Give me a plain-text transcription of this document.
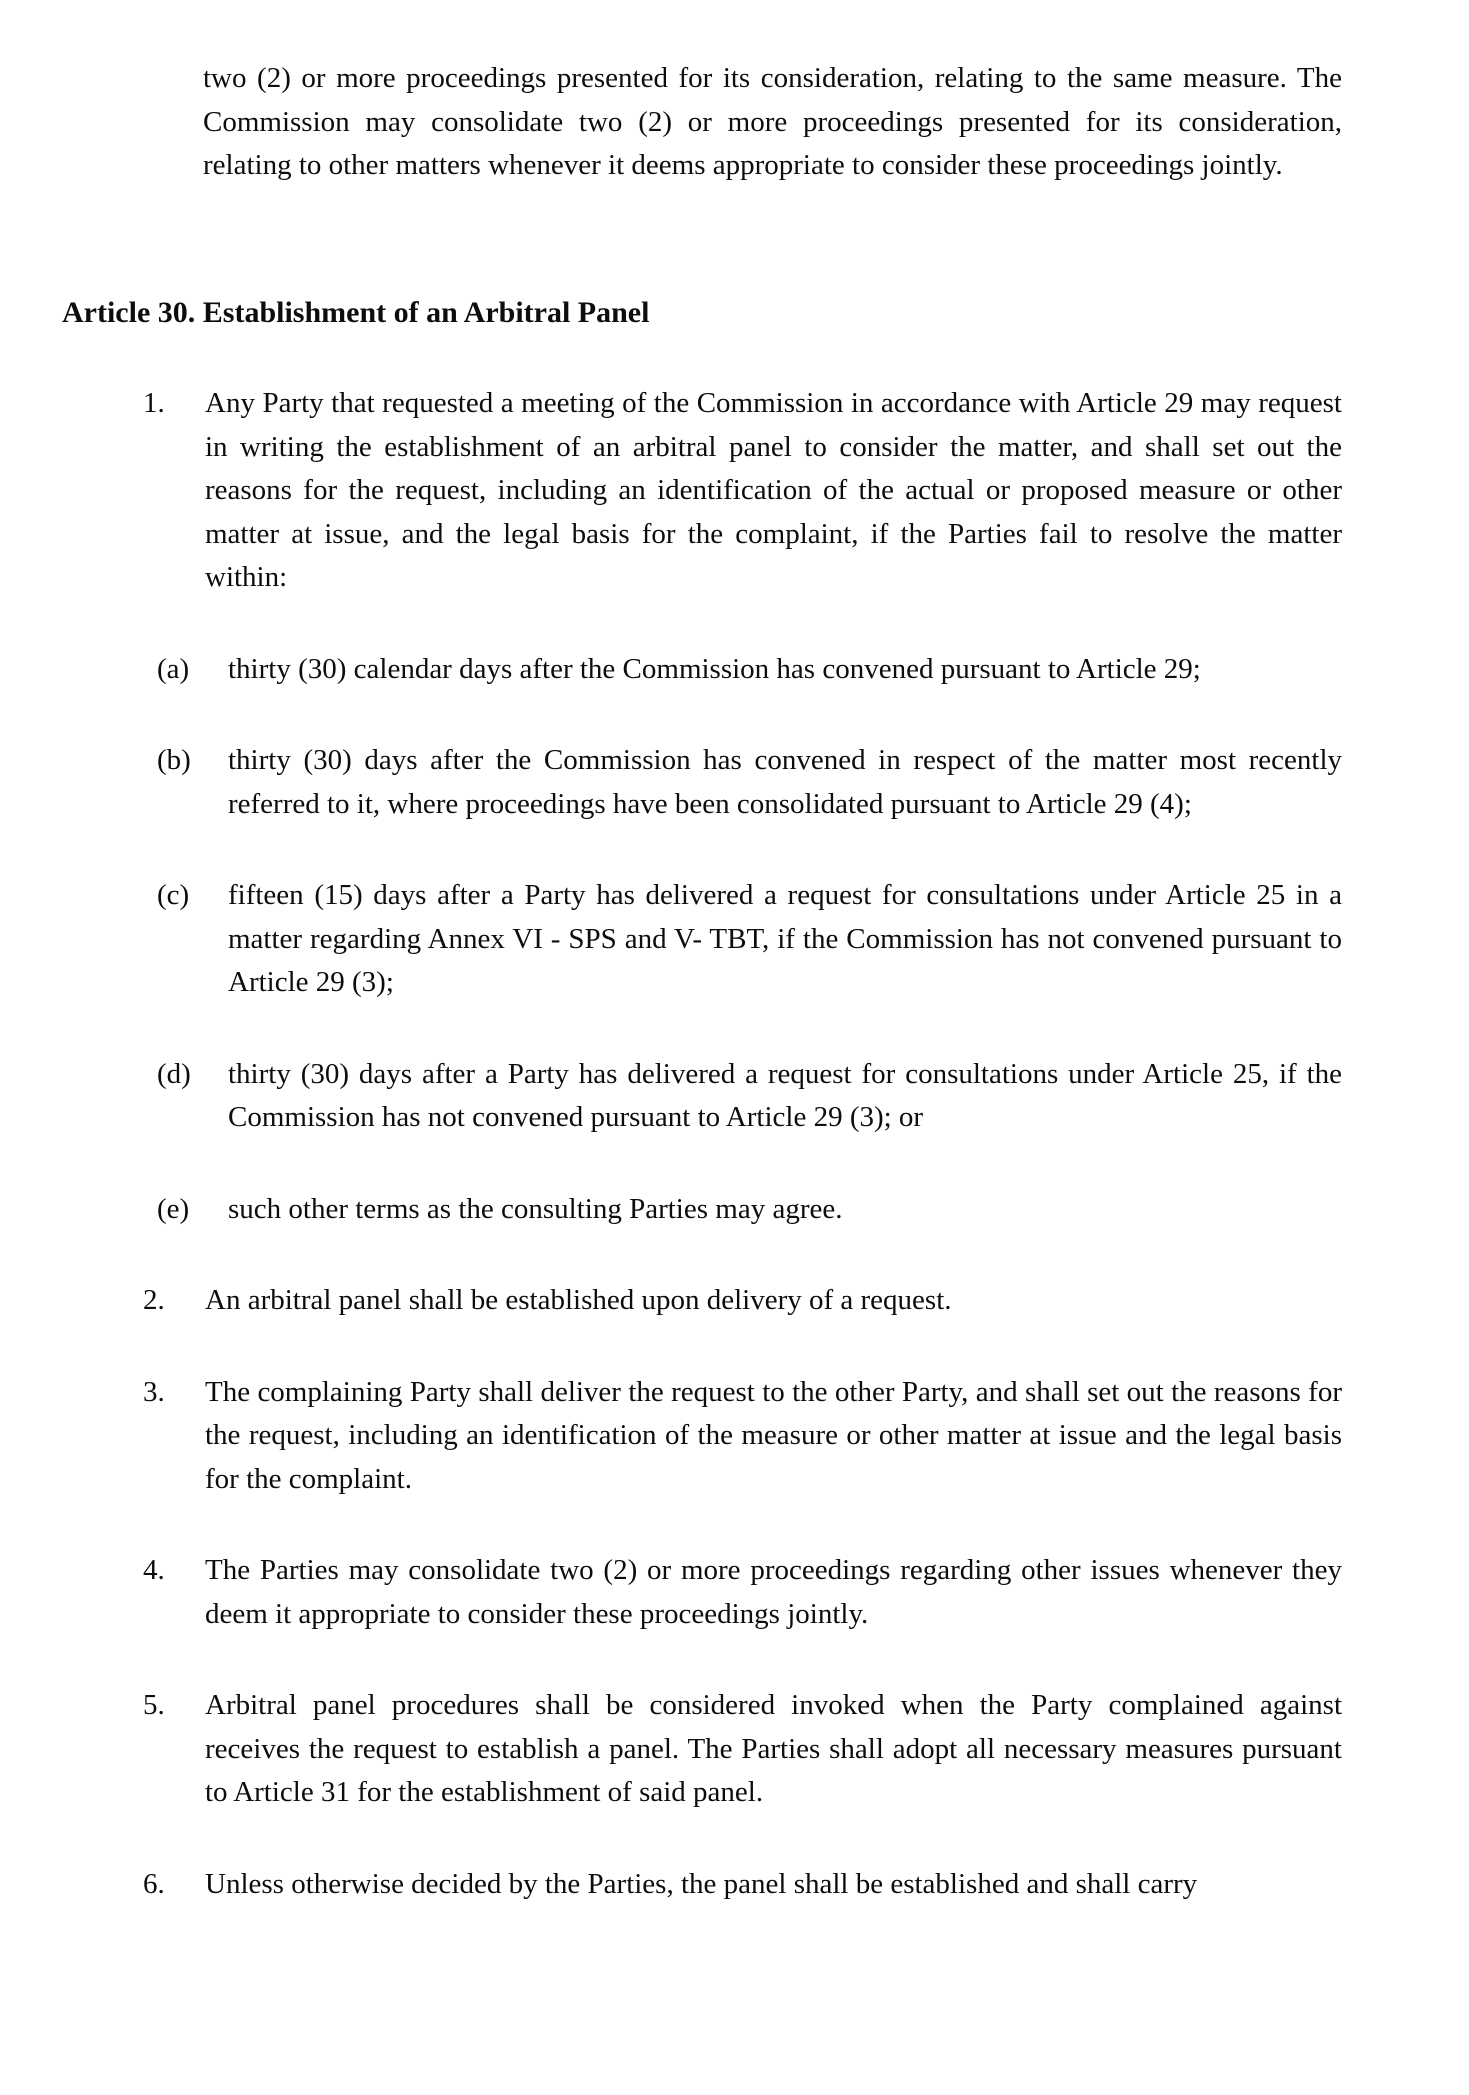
two (2) or more proceedings presented for its consideration, relating to the same measure. The Commission may consolidate two (2) or more proceedings presented for its consideration, relating to other matters whenever it deems appropriate to consider these proceedings jointly.

Article 30. Establishment of an Arbitral Panel
1. Any Party that requested a meeting of the Commission in accordance with Article 29 may request in writing the establishment of an arbitral panel to consider the matter, and shall set out the reasons for the request, including an identification of the actual or proposed measure or other matter at issue, and the legal basis for the complaint, if the Parties fail to resolve the matter within:

(a) thirty (30) calendar days after the Commission has convened pursuant to Article 29;

(b) thirty (30) days after the Commission has convened in respect of the matter most recently referred to it, where proceedings have been consolidated pursuant to Article 29 (4);

(c) fifteen (15) days after a Party has delivered a request for consultations under Article 25 in a matter regarding Annex VI - SPS and V- TBT, if the Commission has not convened pursuant to Article 29 (3);

(d) thirty (30) days after a Party has delivered a request for consultations under Article 25, if the Commission has not convened pursuant to Article 29 (3); or

(e) such other terms as the consulting Parties may agree.

2. An arbitral panel shall be established upon delivery of a request.

3. The complaining Party shall deliver the request to the other Party, and shall set out the reasons for the request, including an identification of the measure or other matter at issue and the legal basis for the complaint.

4. The Parties may consolidate two (2) or more proceedings regarding other issues whenever they deem it appropriate to consider these proceedings jointly.

5. Arbitral panel procedures shall be considered invoked when the Party complained against receives the request to establish a panel. The Parties shall adopt all necessary measures pursuant to Article 31 for the establishment of said panel.

6. Unless otherwise decided by the Parties, the panel shall be established and shall carry
